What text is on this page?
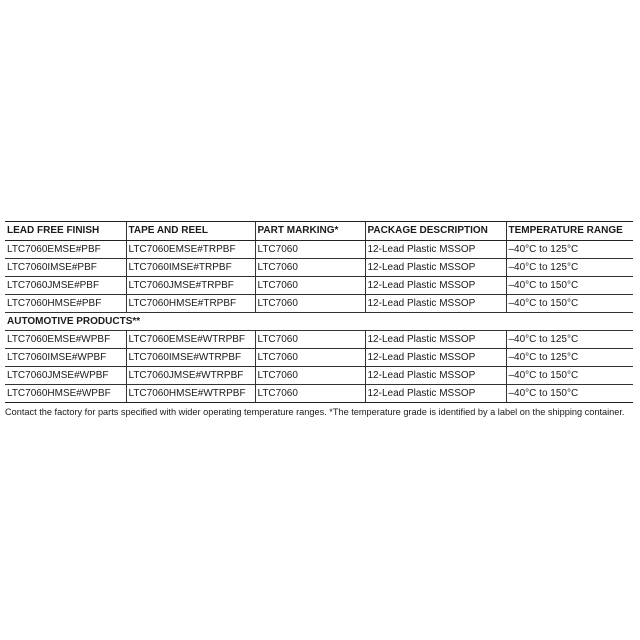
LEAD FREE FINISH	TAPE AND REEL	PART MARKING*	PACKAGE DESCRIPTION	TEMPERATURE RANGE
LTC7060EMSE#PBF	LTC7060EMSE#TRPBF	LTC7060	12-Lead Plastic MSSOP	–40°C to 125°C
LTC7060IMSE#PBF	LTC7060IMSE#TRPBF	LTC7060	12-Lead Plastic MSSOP	–40°C to 125°C
LTC7060JMSE#PBF	LTC7060JMSE#TRPBF	LTC7060	12-Lead Plastic MSSOP	–40°C to 150°C
LTC7060HMSE#PBF	LTC7060HMSE#TRPBF	LTC7060	12-Lead Plastic MSSOP	–40°C to 150°C
AUTOMOTIVE PRODUCTS**				
LTC7060EMSE#WPBF	LTC7060EMSE#WTRPBF	LTC7060	12-Lead Plastic MSSOP	–40°C to 125°C
LTC7060IMSE#WPBF	LTC7060IMSE#WTRPBF	LTC7060	12-Lead Plastic MSSOP	–40°C to 125°C
LTC7060JMSE#WPBF	LTC7060JMSE#WTRPBF	LTC7060	12-Lead Plastic MSSOP	–40°C to 150°C
LTC7060HMSE#WPBF	LTC7060HMSE#WTRPBF	LTC7060	12-Lead Plastic MSSOP	–40°C to 150°C
Contact the factory for parts specified with wider operating temperature ranges. *The temperature grade is identified by a label on the shipping container.
